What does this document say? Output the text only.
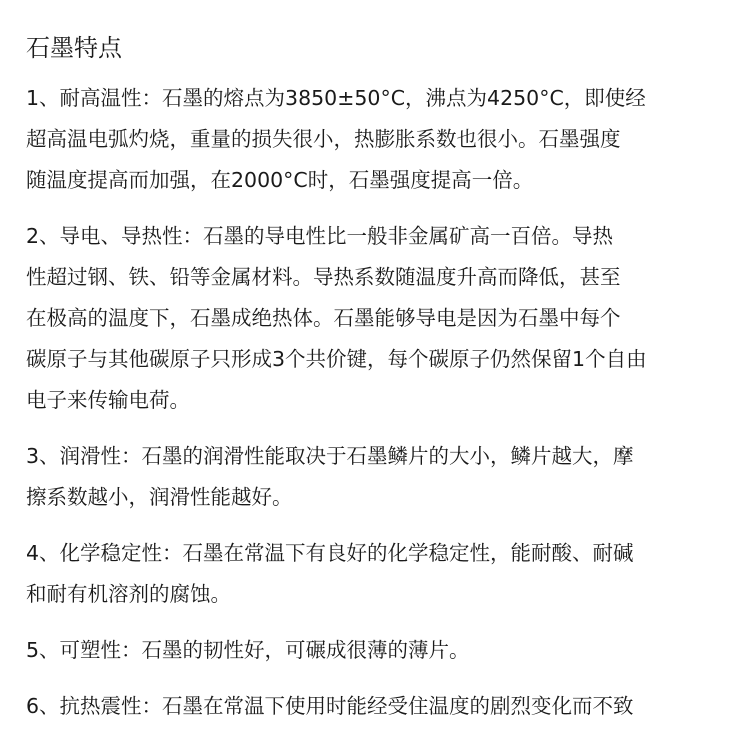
石墨特点

1、耐高温性：石墨的熔点为3850±50°C，沸点为4250°C，即使经

超高温电弧灼烧，重量的损失很小，热膨胀系数也很小。石墨强度

随温度提高而加强，在2000°C时，石墨强度提高一倍。

2、导电、导热性：石墨的导电性比一般非金属矿高一百倍。导热

性超过钢、铁、铅等金属材料。导热系数随温度升高而降低，甚至

在极高的温度下，石墨成绝热体。石墨能够导电是因为石墨中每个

碳原子与其他碳原子只形成3个共价键，每个碳原子仍然保留1个自由

电子来传输电荷。

3、润滑性：石墨的润滑性能取决于石墨鳞片的大小，鳞片越大，摩

擦系数越小，润滑性能越好。

4、化学稳定性：石墨在常温下有良好的化学稳定性，能耐酸、耐碱

和耐有机溶剂的腐蚀。

5、可塑性：石墨的韧性好，可碾成很薄的薄片。

6、抗热震性：石墨在常温下使用时能经受住温度的剧烈变化而不致
